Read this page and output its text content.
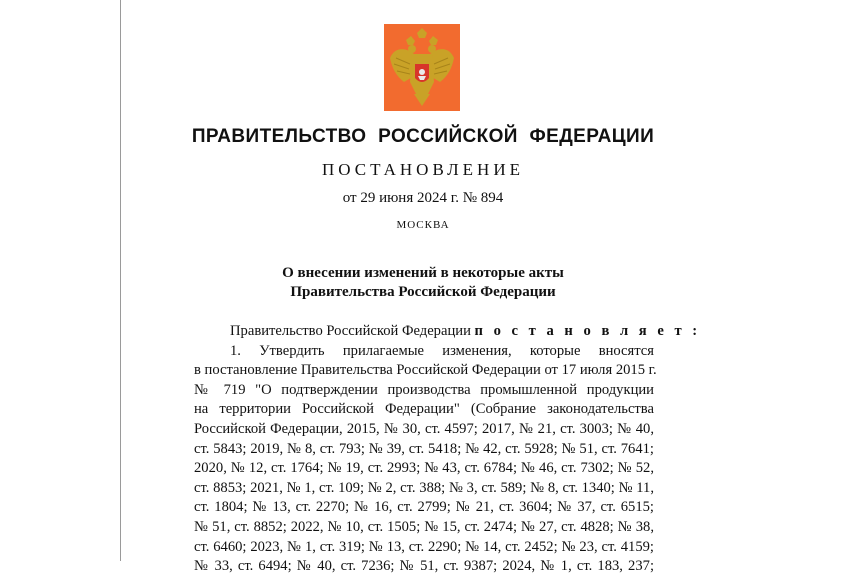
ПРАВИТЕЛЬСТВО РОССИЙСКОЙ ФЕДЕРАЦИИ
ПОСТАНОВЛЕНИЕ
от 29 июня 2024 г. № 894
МОСКВА
О внесении изменений в некоторые акты
Правительства Российской Федерации
Правительство Российской Федерации п о с т а н о в л я е т :
1. Утвердить прилагаемые изменения, которые вносятся
в постановление Правительства Российской Федерации от 17 июля 2015 г.
№ 719 "О подтверждении производства промышленной продукции
на территории Российской Федерации" (Собрание законодательства
Российской Федерации, 2015, № 30, ст. 4597; 2017, № 21, ст. 3003; № 40,
ст. 5843; 2019, № 8, ст. 793; № 39, ст. 5418; № 42, ст. 5928; № 51, ст. 7641;
2020, № 12, ст. 1764; № 19, ст. 2993; № 43, ст. 6784; № 46, ст. 7302; № 52,
ст. 8853; 2021, № 1, ст. 109; № 2, ст. 388; № 3, ст. 589; № 8, ст. 1340; № 11,
ст. 1804; № 13, ст. 2270; № 16, ст. 2799; № 21, ст. 3604; № 37, ст. 6515;
№ 51, ст. 8852; 2022, № 10, ст. 1505; № 15, ст. 2474; № 27, ст. 4828; № 38,
ст. 6460; 2023, № 1, ст. 319; № 13, ст. 2290; № 14, ст. 2452; № 23, ст. 4159;
№ 33, ст. 6494; № 40, ст. 7236; № 51, ст. 9387; 2024, № 1, ст. 183, 237;
